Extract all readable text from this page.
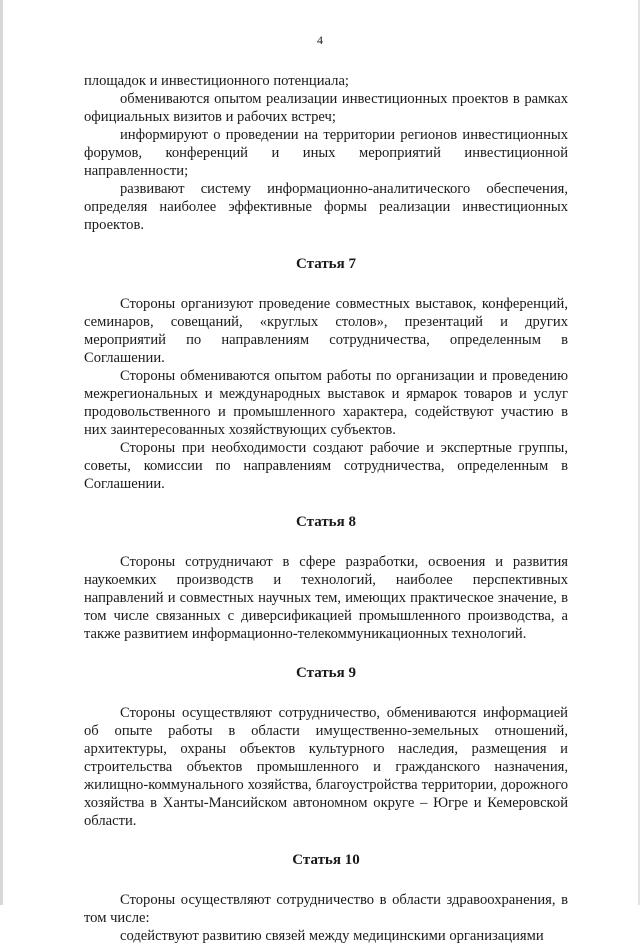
4

площадок и инвестиционного потенциала;

обмениваются опытом реализации инвестиционных проектов в рамках официальных визитов и рабочих встреч;

информируют о проведении на территории регионов инвестиционных форумов, конференций и иных мероприятий инвестиционной направленности;

развивают систему информационно-аналитического обеспечения, определяя наиболее эффективные формы реализации инвестиционных проектов.

Статья 7

Стороны организуют проведение совместных выставок, конференций, семинаров, совещаний, «круглых столов», презентаций и других мероприятий по направлениям сотрудничества, определенным в Соглашении.

Стороны обмениваются опытом работы по организации и проведению межрегиональных и международных выставок и ярмарок товаров и услуг продовольственного и промышленного характера, содействуют участию в них заинтересованных хозяйствующих субъектов.

Стороны при необходимости создают рабочие и экспертные группы, советы, комиссии по направлениям сотрудничества, определенным в Соглашении.

Статья 8

Стороны сотрудничают в сфере разработки, освоения и развития наукоемких производств и технологий, наиболее перспективных направлений и совместных научных тем, имеющих практическое значение, в том числе связанных с диверсификацией промышленного производства, а также развитием информационно-телекоммуникационных технологий.

Статья 9

Стороны осуществляют сотрудничество, обмениваются информацией об опыте работы в области имущественно-земельных отношений, архитектуры, охраны объектов культурного наследия, размещения и строительства объектов промышленного и гражданского назначения, жилищно-коммунального хозяйства, благоустройства территории, дорожного хозяйства в Ханты-Мансийском автономном округе – Югре и Кемеровской области.

Статья 10

Стороны осуществляют сотрудничество в области здравоохранения, в том числе:

содействуют развитию связей между медицинскими организациями
